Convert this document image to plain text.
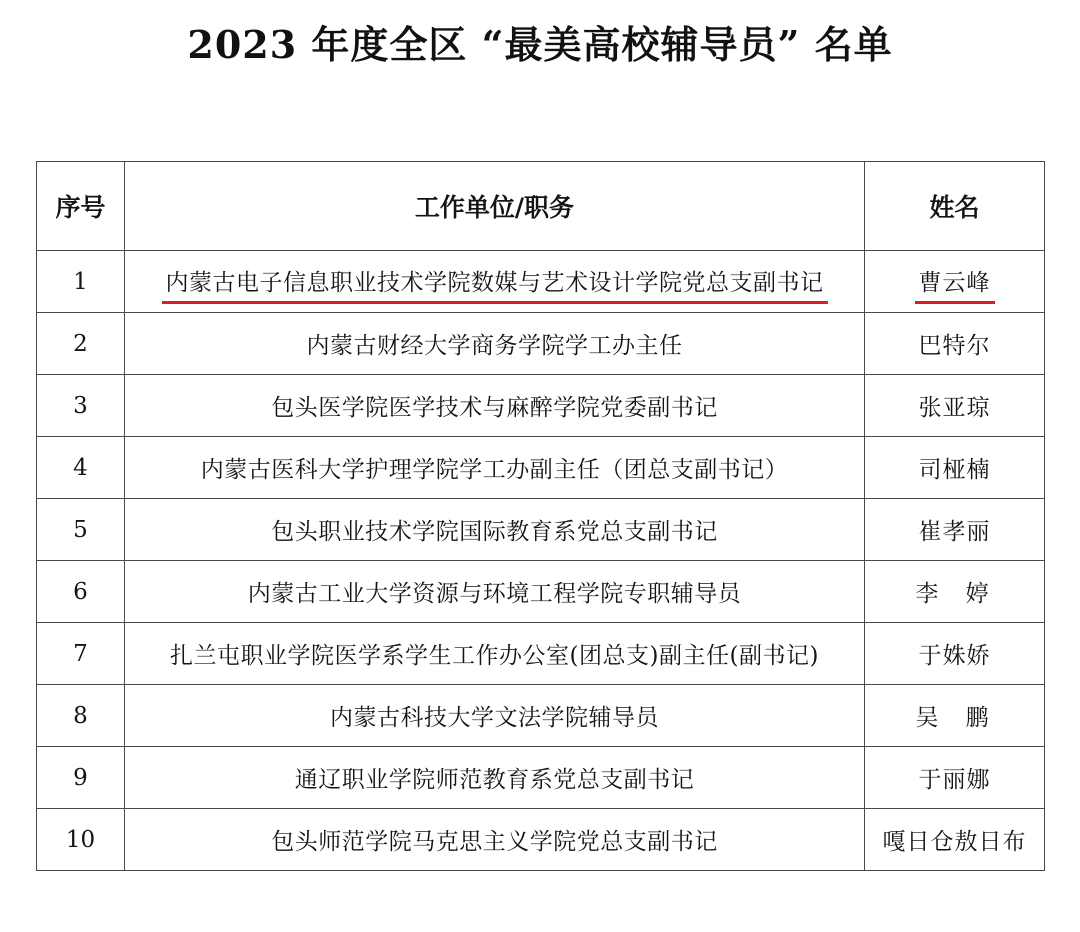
2023 年度全区 “最美高校辅导员” 名单
序号	工作单位/职务	姓名
1	内蒙古电子信息职业技术学院数媒与艺术设计学院党总支副书记	曹云峰
2	内蒙古财经大学商务学院学工办主任	巴特尔
3	包头医学院医学技术与麻醉学院党委副书记	张亚琼
4	内蒙古医科大学护理学院学工办副主任（团总支副书记）	司桠楠
5	包头职业技术学院国际教育系党总支副书记	崔孝丽
6	内蒙古工业大学资源与环境工程学院专职辅导员	李 婷
7	扎兰屯职业学院医学系学生工作办公室(团总支)副主任(副书记)	于姝娇
8	内蒙古科技大学文法学院辅导员	吴 鹏
9	通辽职业学院师范教育系党总支副书记	于丽娜
10	包头师范学院马克思主义学院党总支副书记	嘎日仓敖日布
